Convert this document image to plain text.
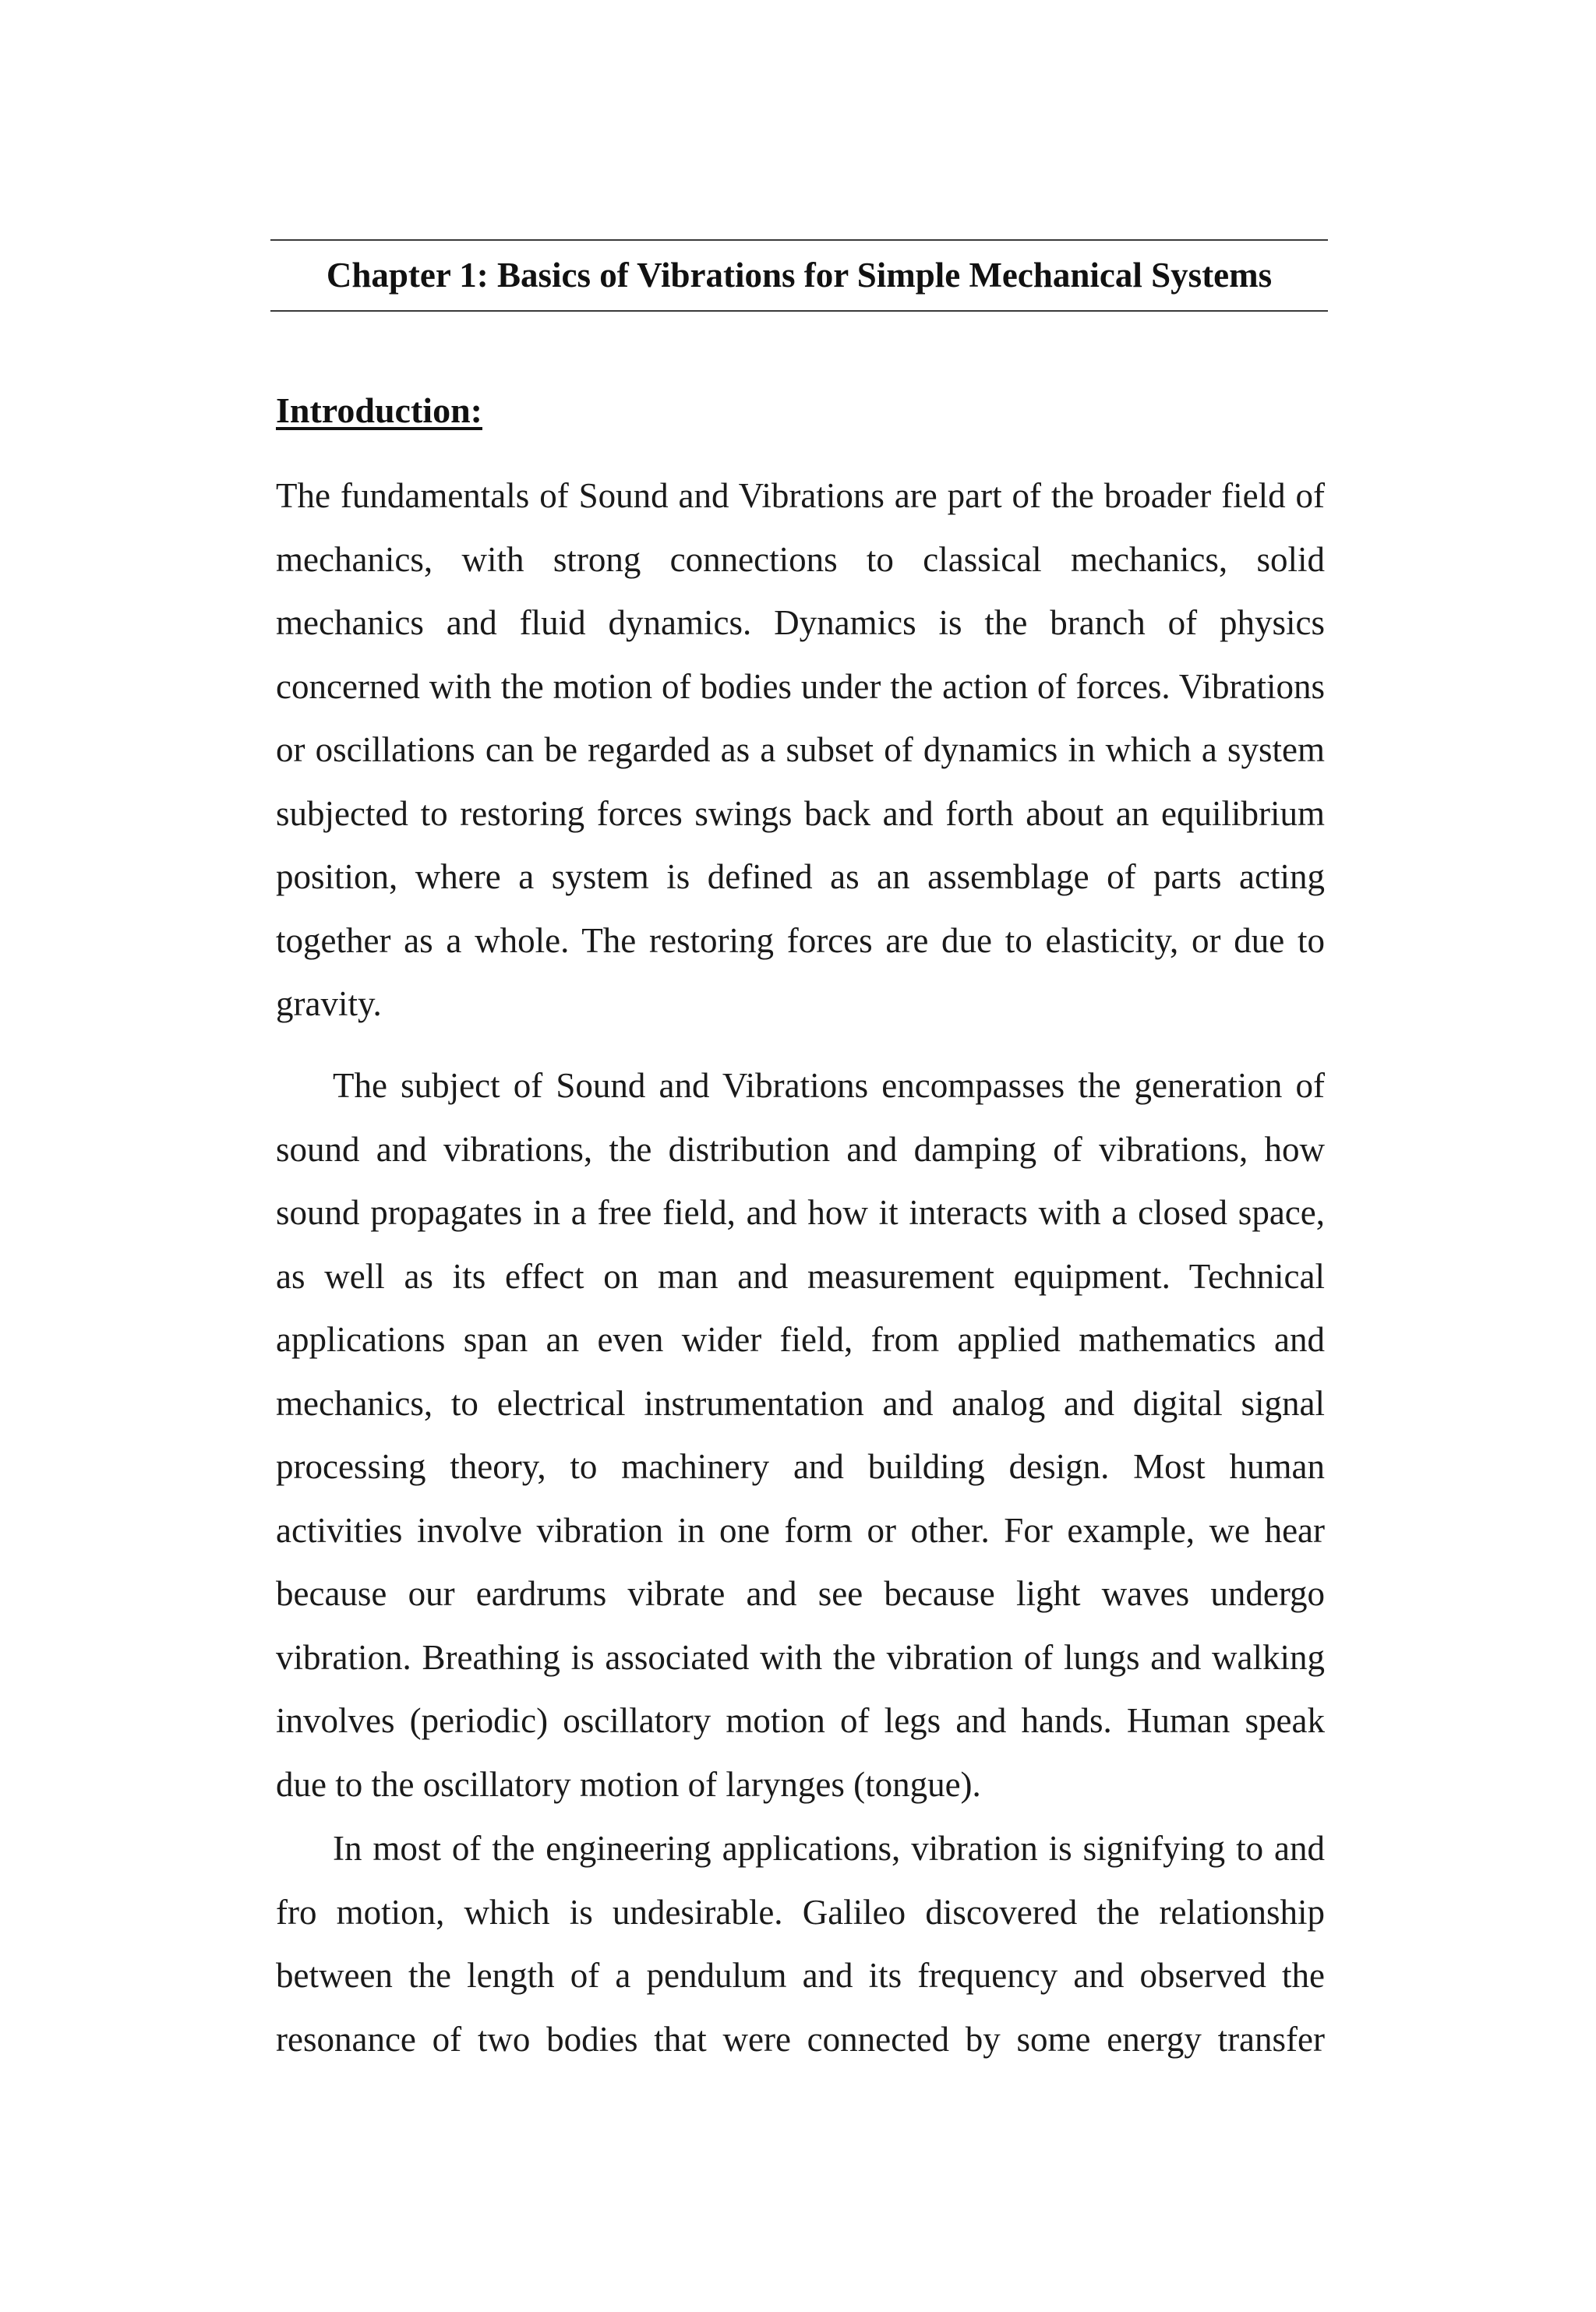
Chapter 1: Basics of Vibrations for Simple Mechanical Systems
Introduction:

The fundamentals of Sound and Vibrations are part of the broader field of mechanics, with strong connections to classical mechanics, solid mechanics and fluid dynamics. Dynamics is the branch of physics concerned with the motion of bodies under the action of forces. Vibrations or oscillations can be regarded as a subset of dynamics in which a system subjected to restoring forces swings back and forth about an equilibrium position, where a system is defined as an assemblage of parts acting together as a whole. The restoring forces are due to elasticity, or due to gravity.

The subject of Sound and Vibrations encompasses the generation of sound and vibrations, the distribution and damping of vibrations, how sound propagates in a free field, and how it interacts with a closed space, as well as its effect on man and measurement equipment. Technical applications span an even wider field, from applied mathematics and mechanics, to electrical instrumentation and analog and digital signal processing theory, to machinery and building design. Most human activities involve vibration in one form or other. For example, we hear because our eardrums vibrate and see because light waves undergo vibration. Breathing is associated with the vibration of lungs and walking involves (periodic) oscillatory motion of legs and hands. Human speak due to the oscillatory motion of larynges (tongue).

In most of the engineering applications, vibration is signifying to and fro motion, which is undesirable. Galileo discovered the relationship between the length of a pendulum and its frequency and observed the resonance of two bodies that were connected by some energy transfer
